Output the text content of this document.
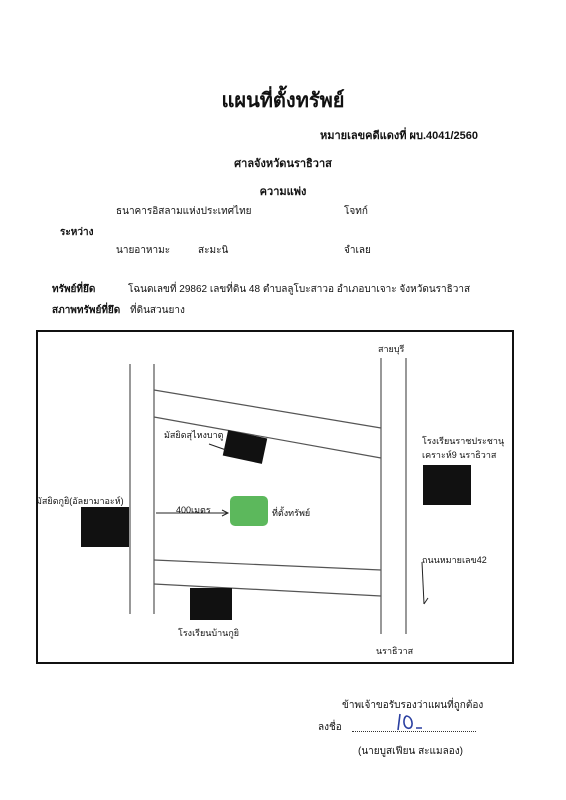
แผนที่ตั้งทรัพย์
หมายเลขคดีแดงที่ ผบ.4041/2560
ศาลจังหวัดนราธิวาส
ความแพ่ง
ธนาคารอิสลามแห่งประเทศไทย	โจทก์
ระหว่าง
นายอาหามะ	สะมะนิ	จำเลย
ทรัพย์ที่ยึด	โฉนดเลขที่ 29862 เลขที่ดิน 48 ตำบลลูโบะสาวอ อำเภอบาเจาะ จังหวัดนราธิวาส
สภาพทรัพย์ที่ยึด ที่ดินสวนยาง
สายบุรี
มัสยิดสุไหงบาตู
โรงเรียนราชประชานุ
เคราะห์9 นราธิวาส
มัสยิดกูยิ(อัลยามาอะห์)
400เมตร	ที่ตั้งทรัพย์
ถนนหมายเลข42
โรงเรียนบ้านกูยิ
นราธิวาส
ข้าพเจ้าขอรับรองว่าแผนที่ถูกต้อง
ลงชื่อ
(นายบูสเฟียน สะแมลอง)
